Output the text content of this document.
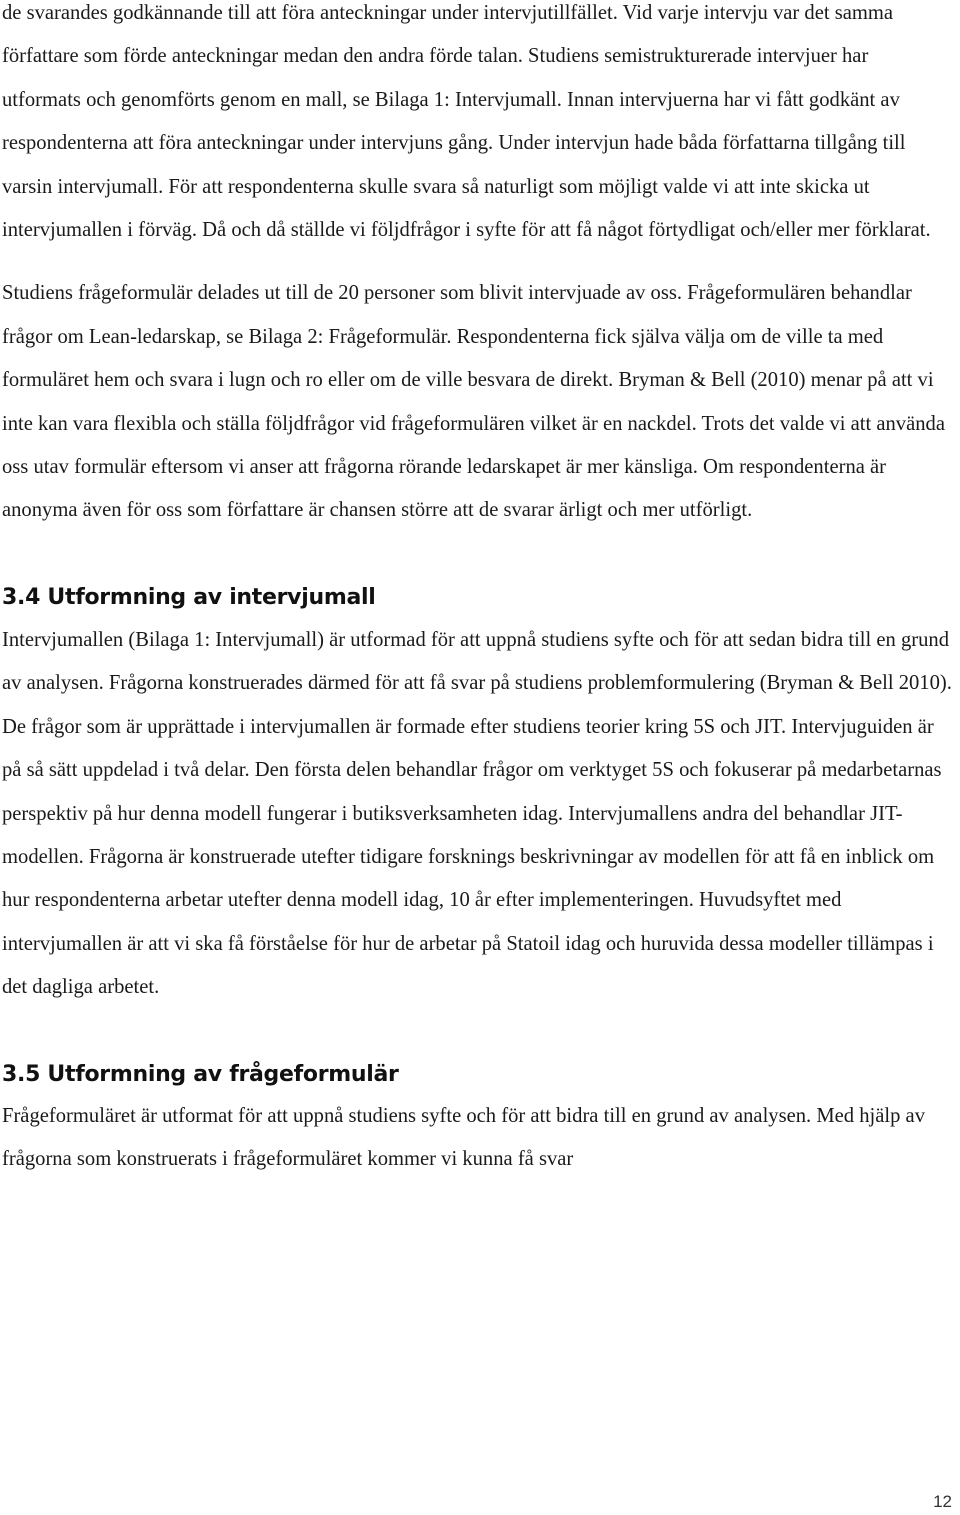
de svarandes godkännande till att föra anteckningar under intervjutillfället. Vid varje intervju var det samma författare som förde anteckningar medan den andra förde talan. Studiens semistrukturerade intervjuer har utformats och genomförts genom en mall, se Bilaga 1: Intervjumall. Innan intervjuerna har vi fått godkänt av respondenterna att föra anteckningar under intervjuns gång. Under intervjun hade båda författarna tillgång till varsin intervjumall. För att respondenterna skulle svara så naturligt som möjligt valde vi att inte skicka ut intervjumallen i förväg. Då och då ställde vi följdfrågor i syfte för att få något förtydligat och/eller mer förklarat.

Studiens frågeformulär delades ut till de 20 personer som blivit intervjuade av oss. Frågeformulären behandlar frågor om Lean-ledarskap, se Bilaga 2: Frågeformulär. Respondenterna fick själva välja om de ville ta med formuläret hem och svara i lugn och ro eller om de ville besvara de direkt. Bryman & Bell (2010) menar på att vi inte kan vara flexibla och ställa följdfrågor vid frågeformulären vilket är en nackdel. Trots det valde vi att använda oss utav formulär eftersom vi anser att frågorna rörande ledarskapet är mer känsliga. Om respondenterna är anonyma även för oss som författare är chansen större att de svarar ärligt och mer utförligt.

3.4 Utformning av intervjumall

Intervjumallen (Bilaga 1: Intervjumall) är utformad för att uppnå studiens syfte och för att sedan bidra till en grund av analysen. Frågorna konstruerades därmed för att få svar på studiens problemformulering (Bryman & Bell 2010). De frågor som är upprättade i intervjumallen är formade efter studiens teorier kring 5S och JIT. Intervjuguiden är på så sätt uppdelad i två delar. Den första delen behandlar frågor om verktyget 5S och fokuserar på medarbetarnas perspektiv på hur denna modell fungerar i butiksverksamheten idag. Intervjumallens andra del behandlar JIT-modellen. Frågorna är konstruerade utefter tidigare forsknings beskrivningar av modellen för att få en inblick om hur respondenterna arbetar utefter denna modell idag, 10 år efter implementeringen. Huvudsyftet med intervjumallen är att vi ska få förståelse för hur de arbetar på Statoil idag och huruvida dessa modeller tillämpas i det dagliga arbetet.

3.5 Utformning av frågeformulär

Frågeformuläret är utformat för att uppnå studiens syfte och för att bidra till en grund av analysen. Med hjälp av frågorna som konstruerats i frågeformuläret kommer vi kunna få svar

12
